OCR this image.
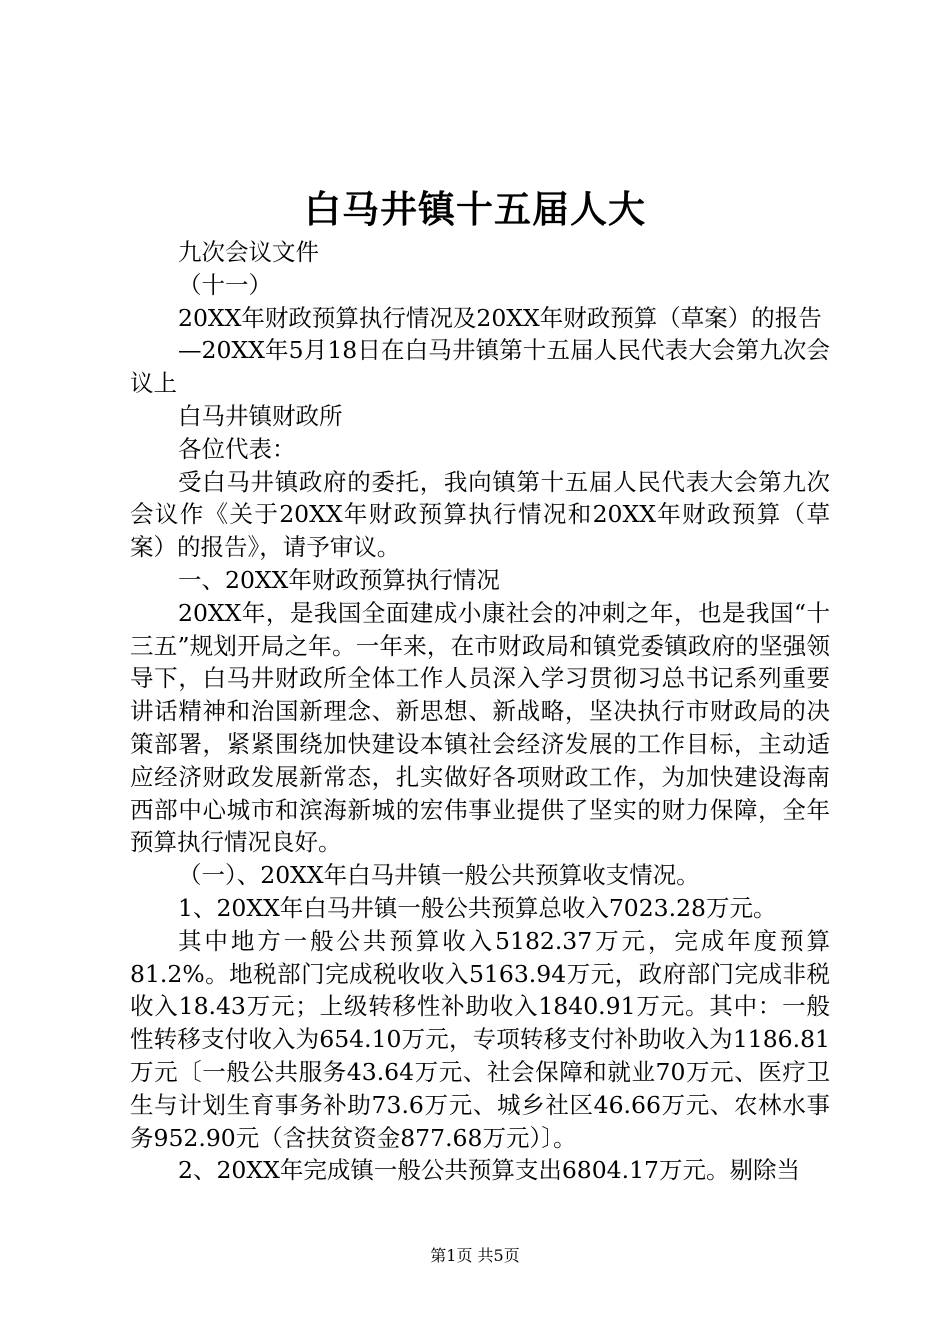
白马井镇十五届人大

九次会议文件

（十一）

20XX年财政预算执行情况及20XX年财政预算（草案）的报告

—20XX年5月18日在白马井镇第十五届人民代表大会第九次会议上

白马井镇财政所

各位代表：

受白马井镇政府的委托，我向镇第十五届人民代表大会第九次会议作《关于20XX年财政预算执行情况和20XX年财政预算（草案）的报告》，请予审议。

一、20XX年财政预算执行情况

20XX年，是我国全面建成小康社会的冲刺之年，也是我国“十三五”规划开局之年。一年来，在市财政局和镇党委镇政府的坚强领导下，白马井财政所全体工作人员深入学习贯彻习总书记系列重要讲话精神和治国新理念、新思想、新战略，坚决执行市财政局的决策部署，紧紧围绕加快建设本镇社会经济发展的工作目标，主动适应经济财政发展新常态，扎实做好各项财政工作，为加快建设海南西部中心城市和滨海新城的宏伟事业提供了坚实的财力保障，全年预算执行情况良好。

（一）、20XX年白马井镇一般公共预算收支情况。

1、20XX年白马井镇一般公共预算总收入7023.28万元。

其中地方一般公共预算收入5182.37万元，完成年度预算81.2%。地税部门完成税收收入5163.94万元，政府部门完成非税收入18.43万元；上级转移性补助收入1840.91万元。其中：一般性转移支付收入为654.10万元，专项转移支付补助收入为1186.81万元〔一般公共服务43.64万元、社会保障和就业70万元、医疗卫生与计划生育事务补助73.6万元、城乡社区46.66万元、农林水事务952.90元（含扶贫资金877.68万元）〕。

2、20XX年完成镇一般公共预算支出6804.17万元。剔除当

第1页 共5页
